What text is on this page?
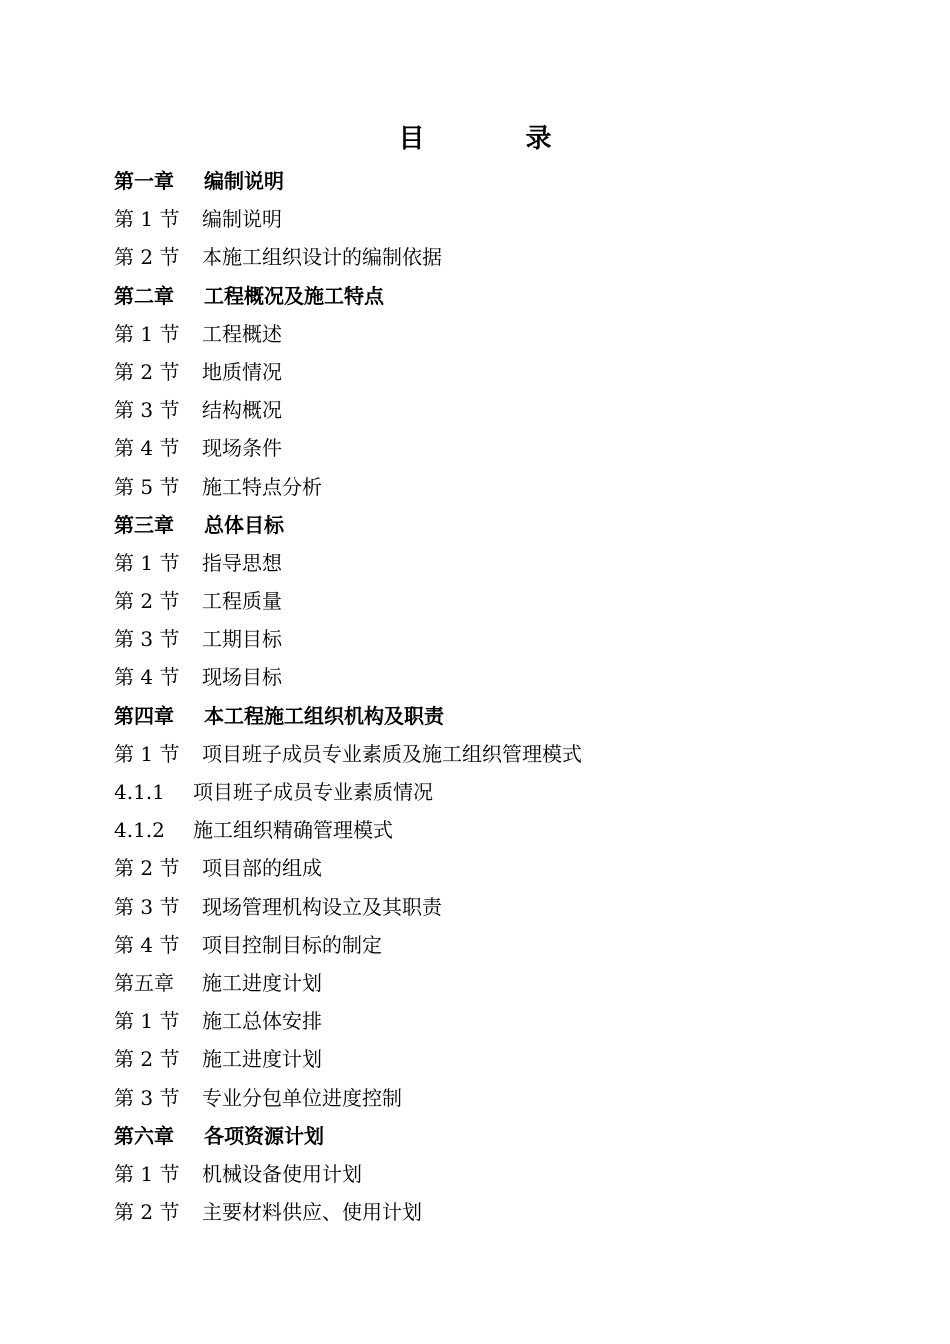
目 录
第一章 编制说明
第 1 节 编制说明
第 2 节 本施工组织设计的编制依据
第二章 工程概况及施工特点
第 1 节 工程概述
第 2 节 地质情况
第 3 节 结构概况
第 4 节 现场条件
第 5 节 施工特点分析
第三章 总体目标
第 1 节 指导思想
第 2 节 工程质量
第 3 节 工期目标
第 4 节 现场目标
第四章 本工程施工组织机构及职责
第 1 节 项目班子成员专业素质及施工组织管理模式
4.1.1 项目班子成员专业素质情况
4.1.2 施工组织精确管理模式
第 2 节 项目部的组成
第 3 节 现场管理机构设立及其职责
第 4 节 项目控制目标的制定
第五章 施工进度计划
第 1 节 施工总体安排
第 2 节 施工进度计划
第 3 节 专业分包单位进度控制
第六章 各项资源计划
第 1 节 机械设备使用计划
第 2 节 主要材料供应、使用计划
